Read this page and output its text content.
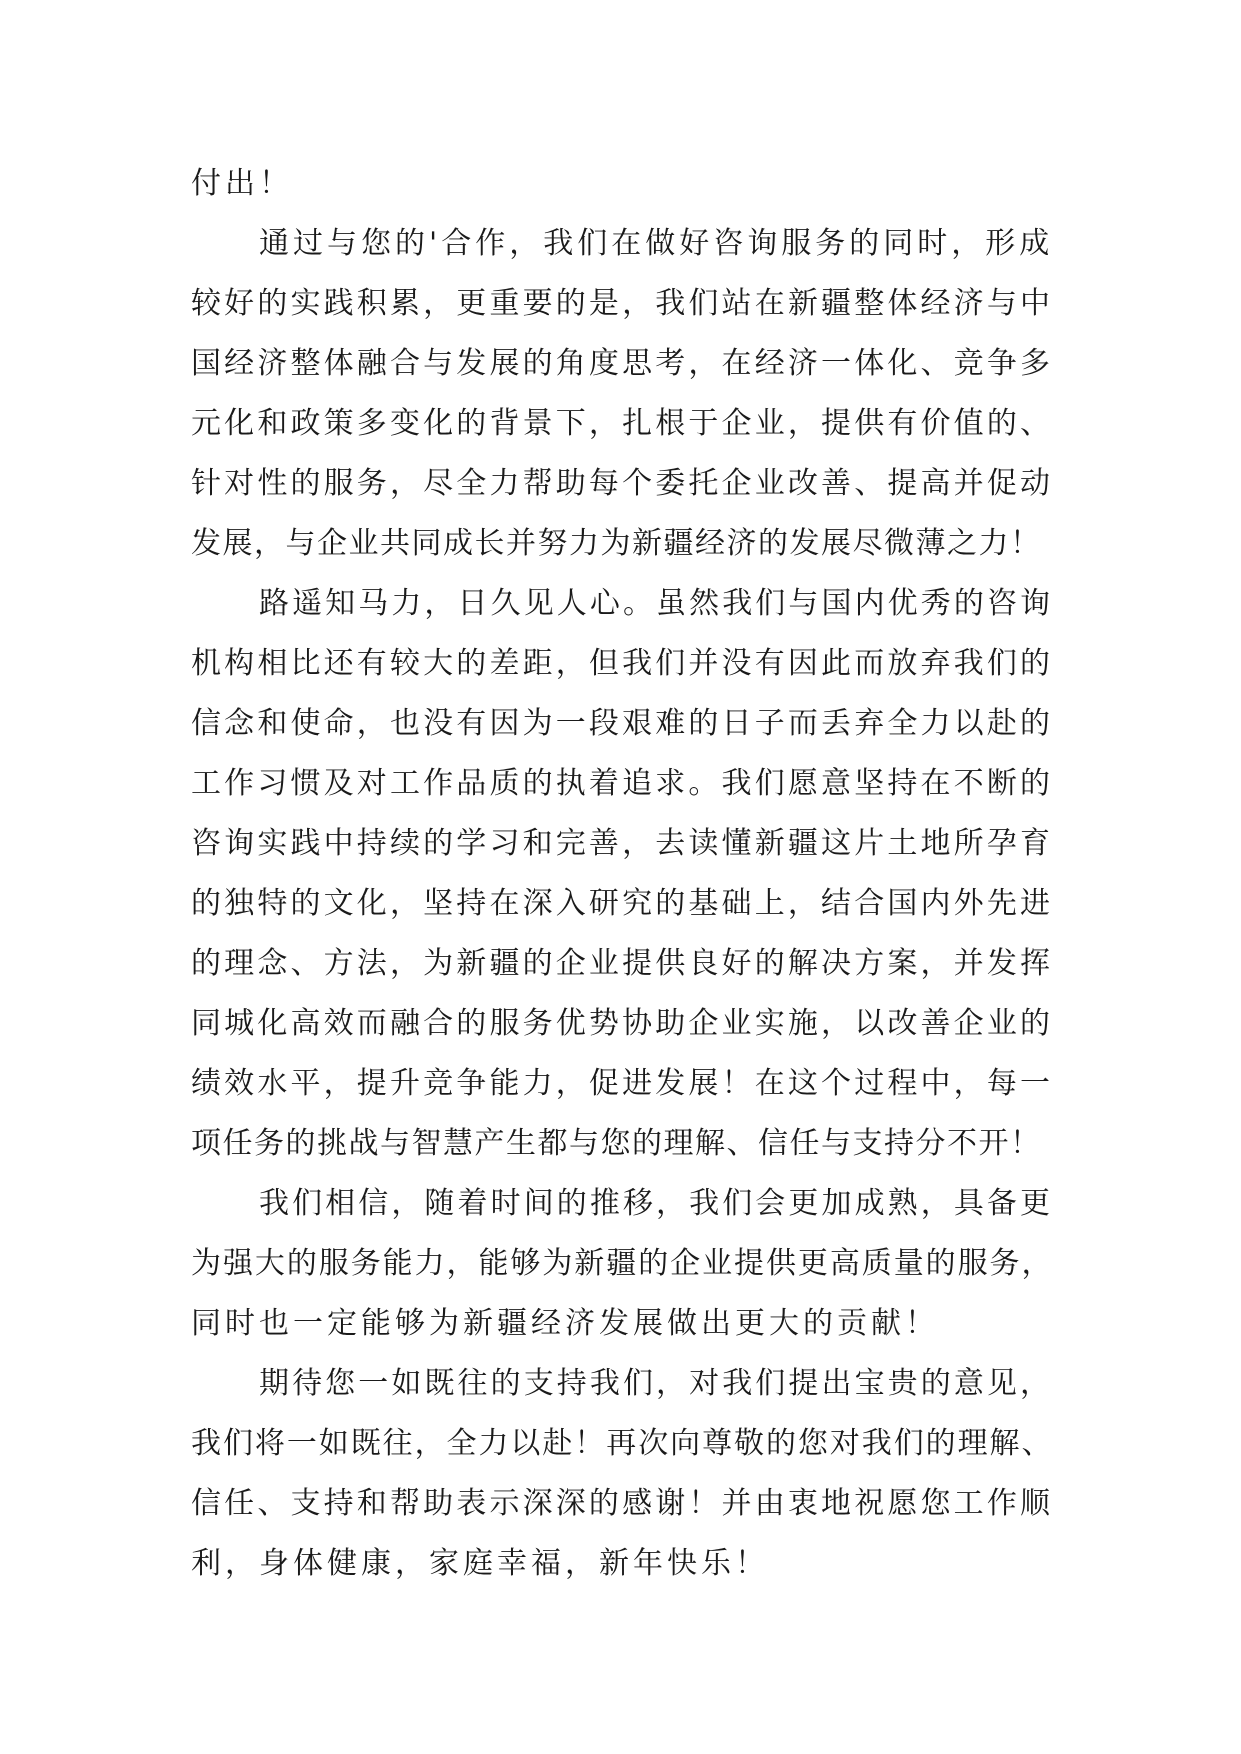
付出！
通过与您的'合作，我们在做好咨询服务的同时，形成
较好的实践积累，更重要的是，我们站在新疆整体经济与中
国经济整体融合与发展的角度思考，在经济一体化、竞争多
元化和政策多变化的背景下，扎根于企业，提供有价值的、
针对性的服务，尽全力帮助每个委托企业改善、提高并促动
发展，与企业共同成长并努力为新疆经济的发展尽微薄之力！
路遥知马力，日久见人心。虽然我们与国内优秀的咨询
机构相比还有较大的差距，但我们并没有因此而放弃我们的
信念和使命，也没有因为一段艰难的日子而丢弃全力以赴的
工作习惯及对工作品质的执着追求。我们愿意坚持在不断的
咨询实践中持续的学习和完善，去读懂新疆这片土地所孕育
的独特的文化，坚持在深入研究的基础上，结合国内外先进
的理念、方法，为新疆的企业提供良好的解决方案，并发挥
同城化高效而融合的服务优势协助企业实施，以改善企业的
绩效水平，提升竞争能力，促进发展！在这个过程中，每一
项任务的挑战与智慧产生都与您的理解、信任与支持分不开！
我们相信，随着时间的推移，我们会更加成熟，具备更
为强大的服务能力，能够为新疆的企业提供更高质量的服务，
同时也一定能够为新疆经济发展做出更大的贡献！
期待您一如既往的支持我们，对我们提出宝贵的意见，
我们将一如既往，全力以赴！再次向尊敬的您对我们的理解、
信任、支持和帮助表示深深的感谢！并由衷地祝愿您工作顺
利，身体健康，家庭幸福，新年快乐！
